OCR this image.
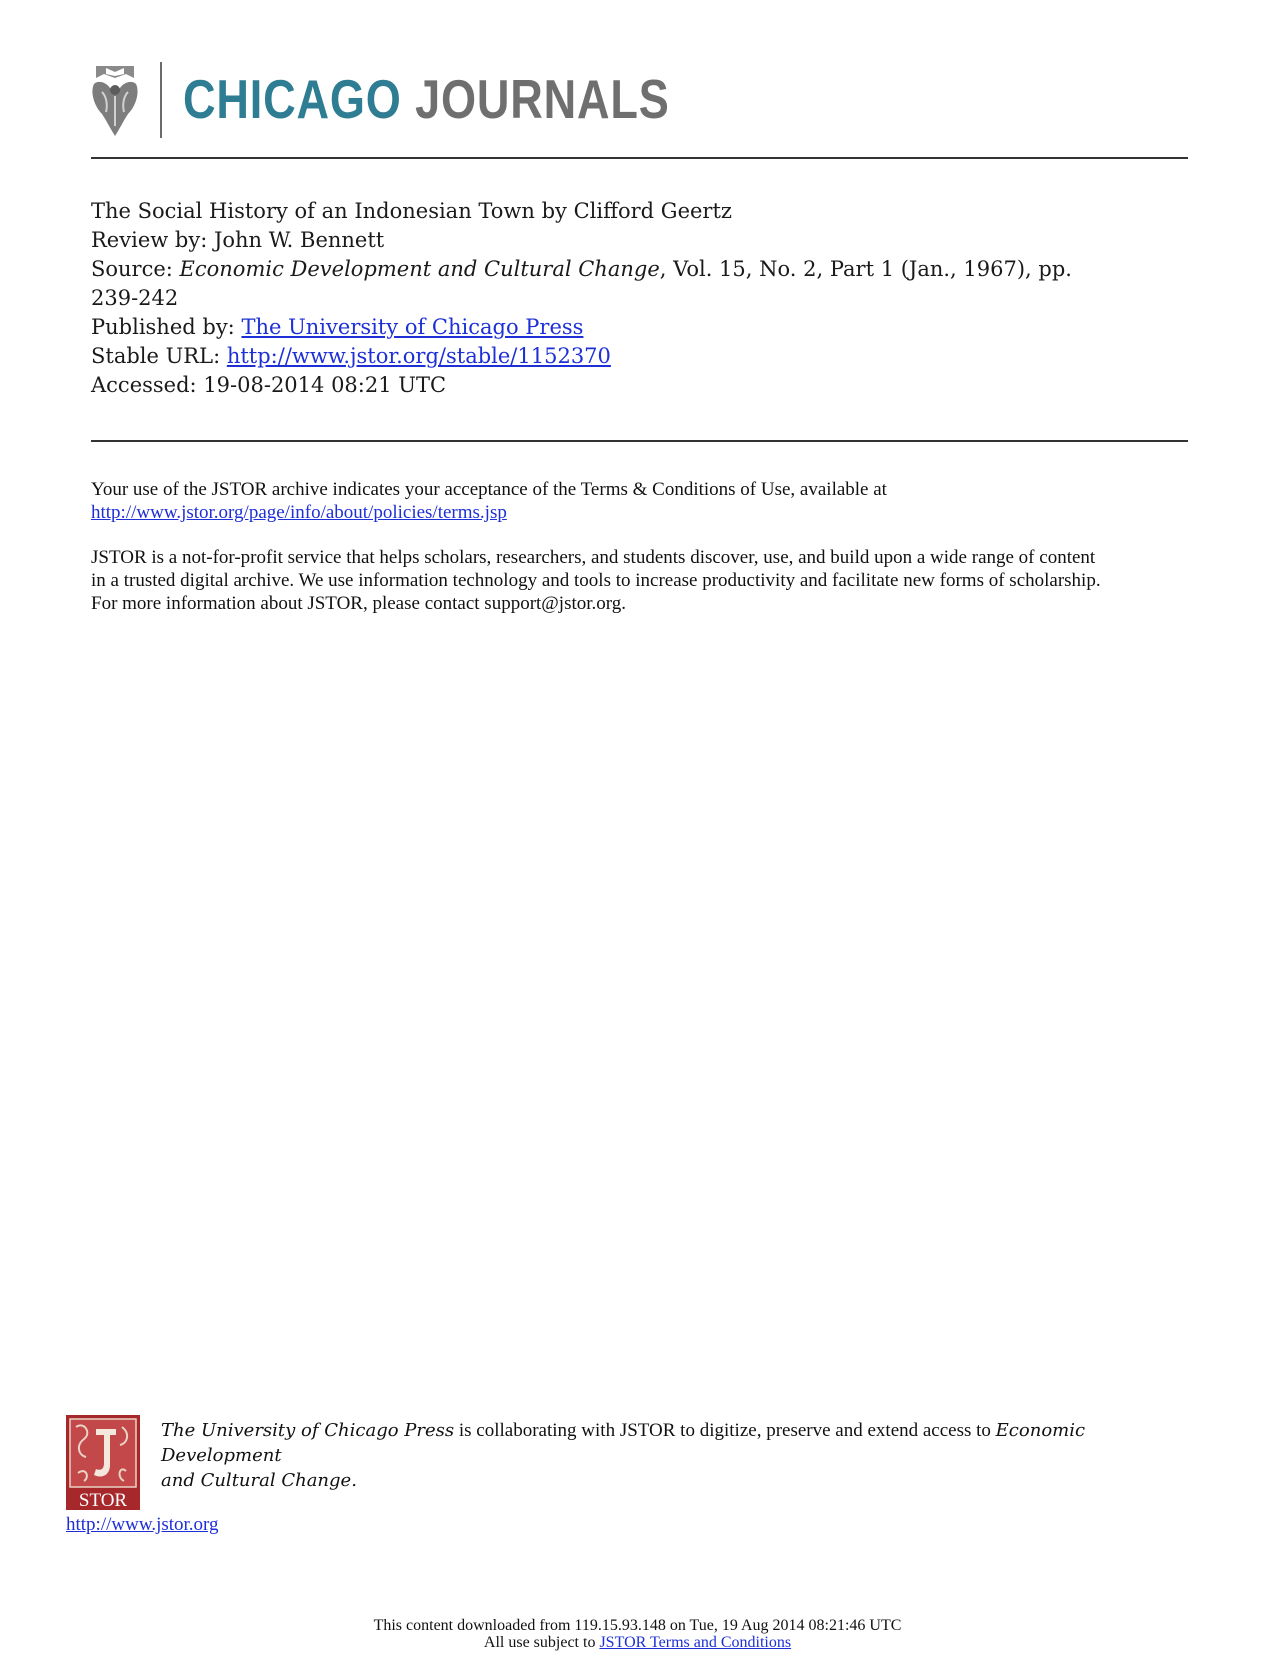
CHICAGO JOURNALS
The Social History of an Indonesian Town by Clifford Geertz
Review by: John W. Bennett
Source: Economic Development and Cultural Change, Vol. 15, No. 2, Part 1 (Jan., 1967), pp.
239-242
Published by: The University of Chicago Press
Stable URL: http://www.jstor.org/stable/1152370
Accessed: 19-08-2014 08:21 UTC

Your use of the JSTOR archive indicates your acceptance of the Terms & Conditions of Use, available at
http://www.jstor.org/page/info/about/policies/terms.jsp

JSTOR is a not-for-profit service that helps scholars, researchers, and students discover, use, and build upon a wide range of content
in a trusted digital archive. We use information technology and tools to increase productivity and facilitate new forms of scholarship.
For more information about JSTOR, please contact support@jstor.org.

STOR
The University of Chicago Press is collaborating with JSTOR to digitize, preserve and extend access to Economic Development
and Cultural Change.
http://www.jstor.org
This content downloaded from 119.15.93.148 on Tue, 19 Aug 2014 08:21:46 UTC
All use subject to JSTOR Terms and Conditions
